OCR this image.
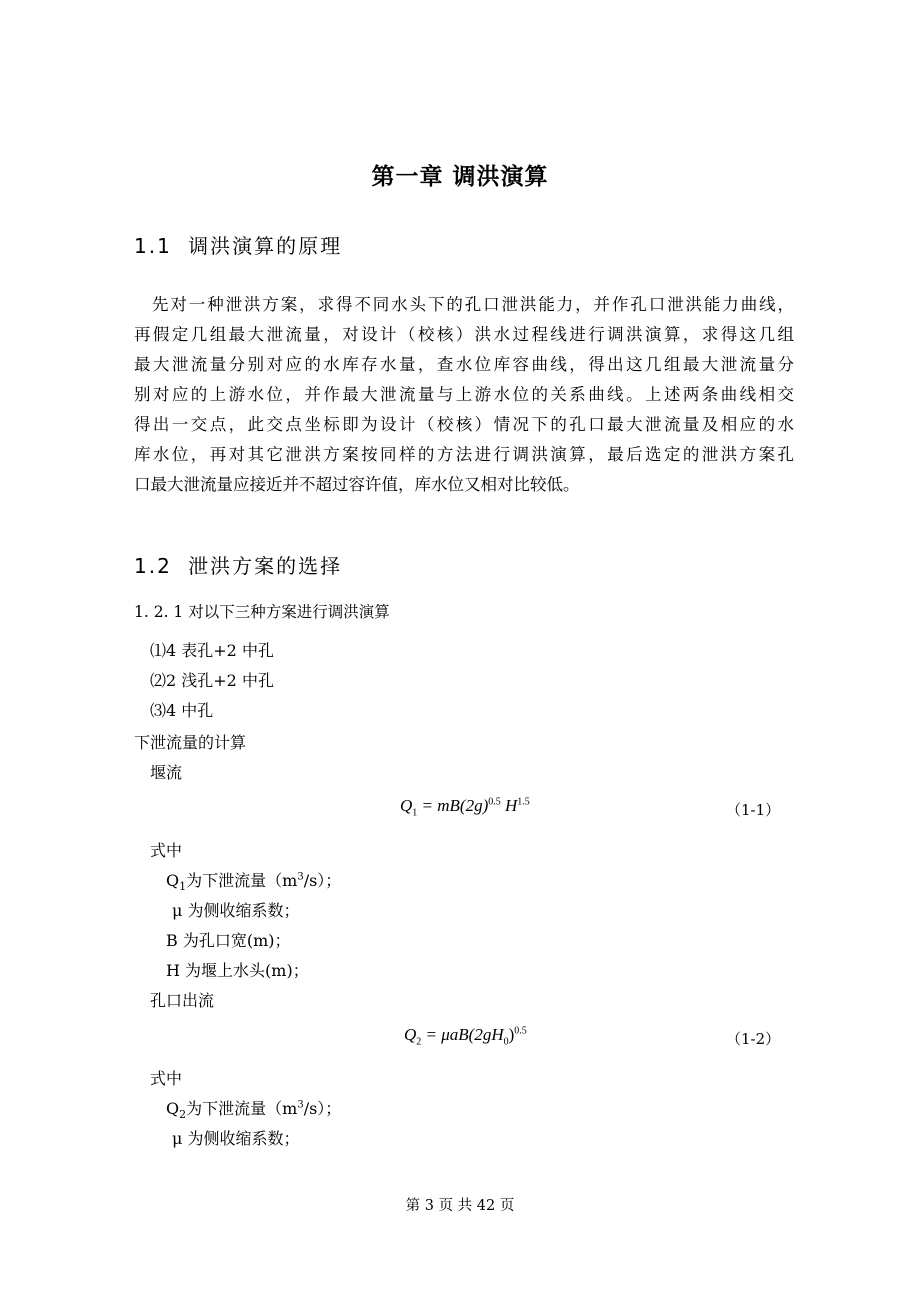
第一章 调洪演算
1.1 调洪演算的原理
先对一种泄洪方案，求得不同水头下的孔口泄洪能力，并作孔口泄洪能力曲线，
再假定几组最大泄流量，对设计（校核）洪水过程线进行调洪演算，求得这几组
最大泄流量分别对应的水库存水量，查水位库容曲线，得出这几组最大泄流量分
别对应的上游水位，并作最大泄流量与上游水位的关系曲线。上述两条曲线相交
得出一交点，此交点坐标即为设计（校核）情况下的孔口最大泄流量及相应的水
库水位，再对其它泄洪方案按同样的方法进行调洪演算，最后选定的泄洪方案孔
口最大泄流量应接近并不超过容许值，库水位又相对比较低。
1.2 泄洪方案的选择
1. 2. 1 对以下三种方案进行调洪演算
⑴4 表孔+2 中孔
⑵2 浅孔+2 中孔
⑶4 中孔
下泄流量的计算
堰流
$Q_1 = mB(2g)^{0.5}$ $H^{1.5}$	（1-1）
式中
$Q_1$为下泄流量$(m^3/s)$；
μ 为侧收缩系数；
B 为孔口宽(m)；
H 为堰上水头(m)；
孔口出流
$Q_2 = \mu aB(2gH_0)^{0.5}$	（1-2）
式中
$Q_2$为下泄流量$(m^3/s)$；
μ 为侧收缩系数；
第 3 页 共 42 页
